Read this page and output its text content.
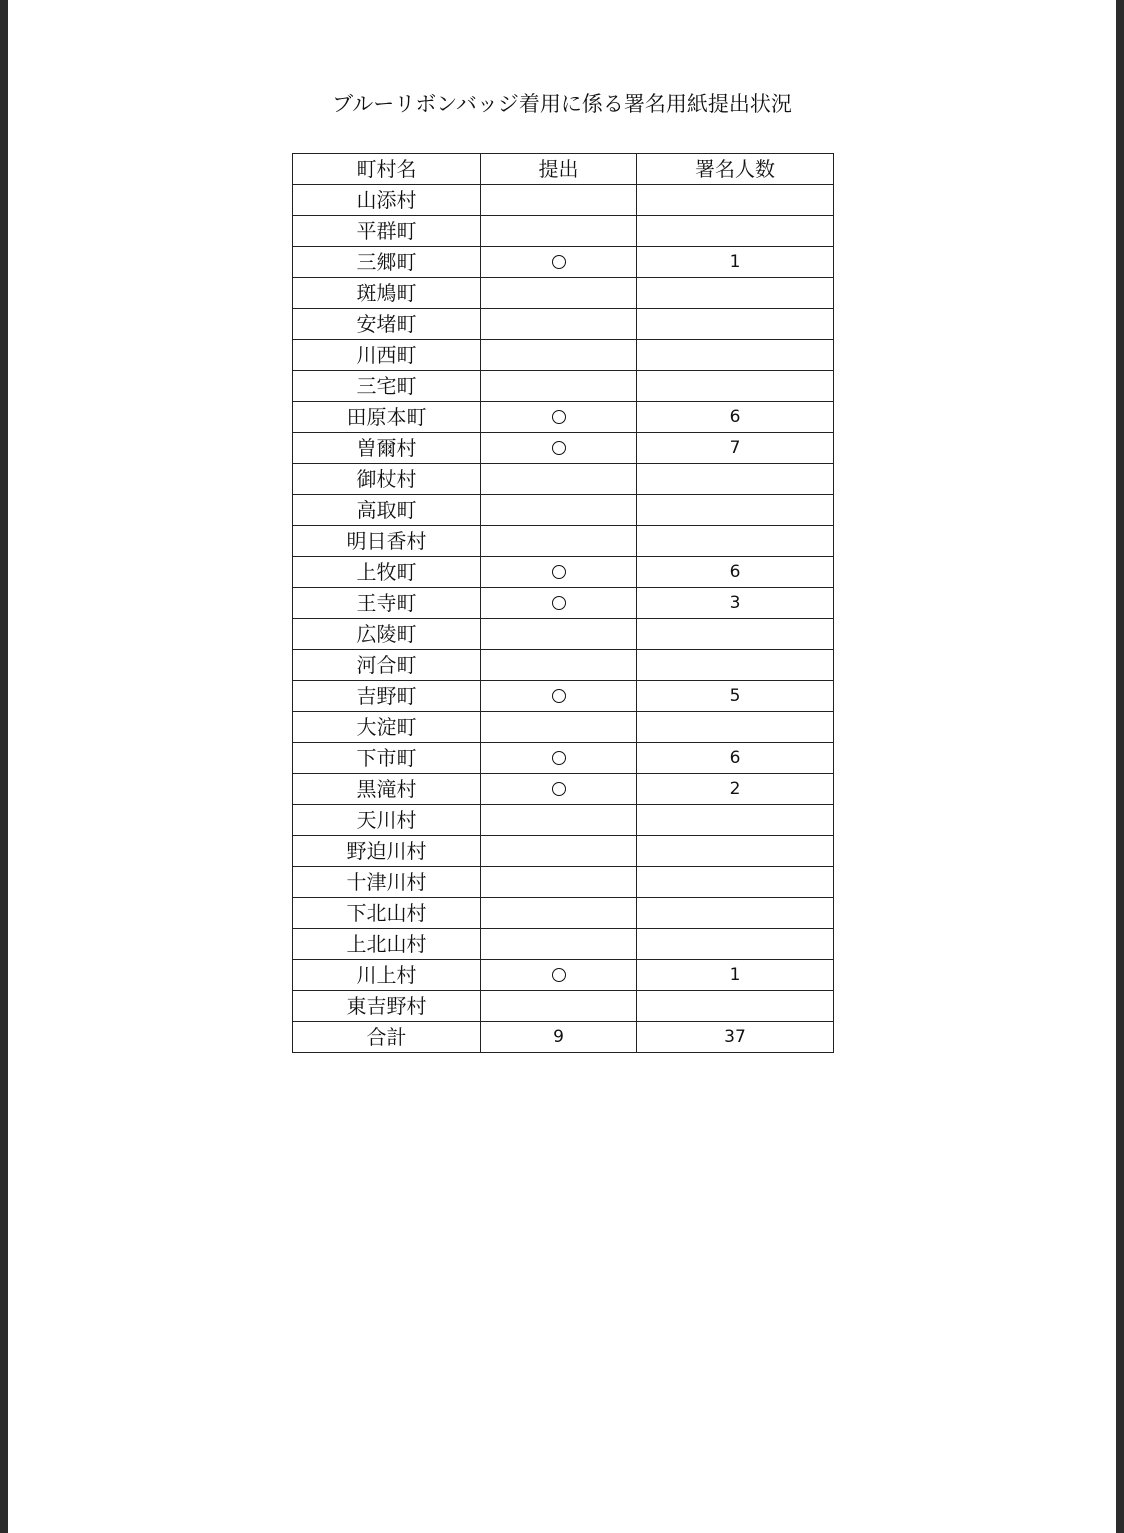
ブルーリボンバッジ着用に係る署名用紙提出状況
町村名	提出	署名人数
山添村		
平群町		
三郷町		1
斑鳩町		
安堵町		
川西町		
三宅町		
田原本町		6
曽爾村		7
御杖村		
高取町		
明日香村		
上牧町		6
王寺町		3
広陵町		
河合町		
吉野町		5
大淀町		
下市町		6
黒滝村		2
天川村		
野迫川村		
十津川村		
下北山村		
上北山村		
川上村		1
東吉野村		
合計	9	37
